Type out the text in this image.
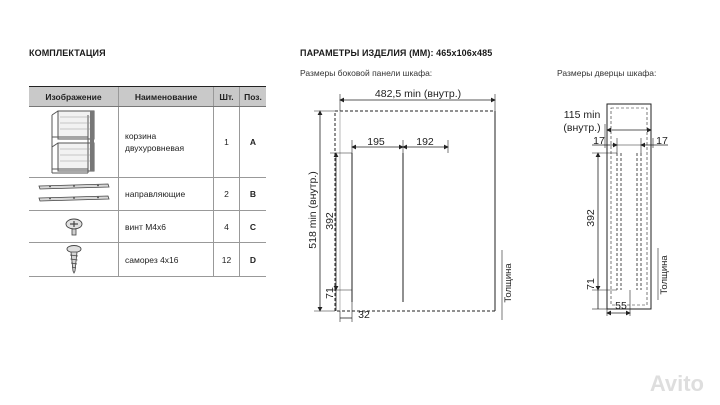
КОМПЛЕКТАЦИЯ	ПАРАМЕТРЫ ИЗДЕЛИЯ (ММ): 465x106x485
Размеры боковой панели шкафа:	Размеры дверцы шкафа:
Изображение	Наименование	Шт.	Поз.
	корзина
двухуровневая	1	A
	направляющие	2	B
	винт М4х6	4	C
	саморез 4х16	12	D
482,5 min (внутр.)
195	192
518 min (внутр.) 392
71
32
Толщина
115 min
(внутр.)
17	17
392
71
55
Толщина
Avito
